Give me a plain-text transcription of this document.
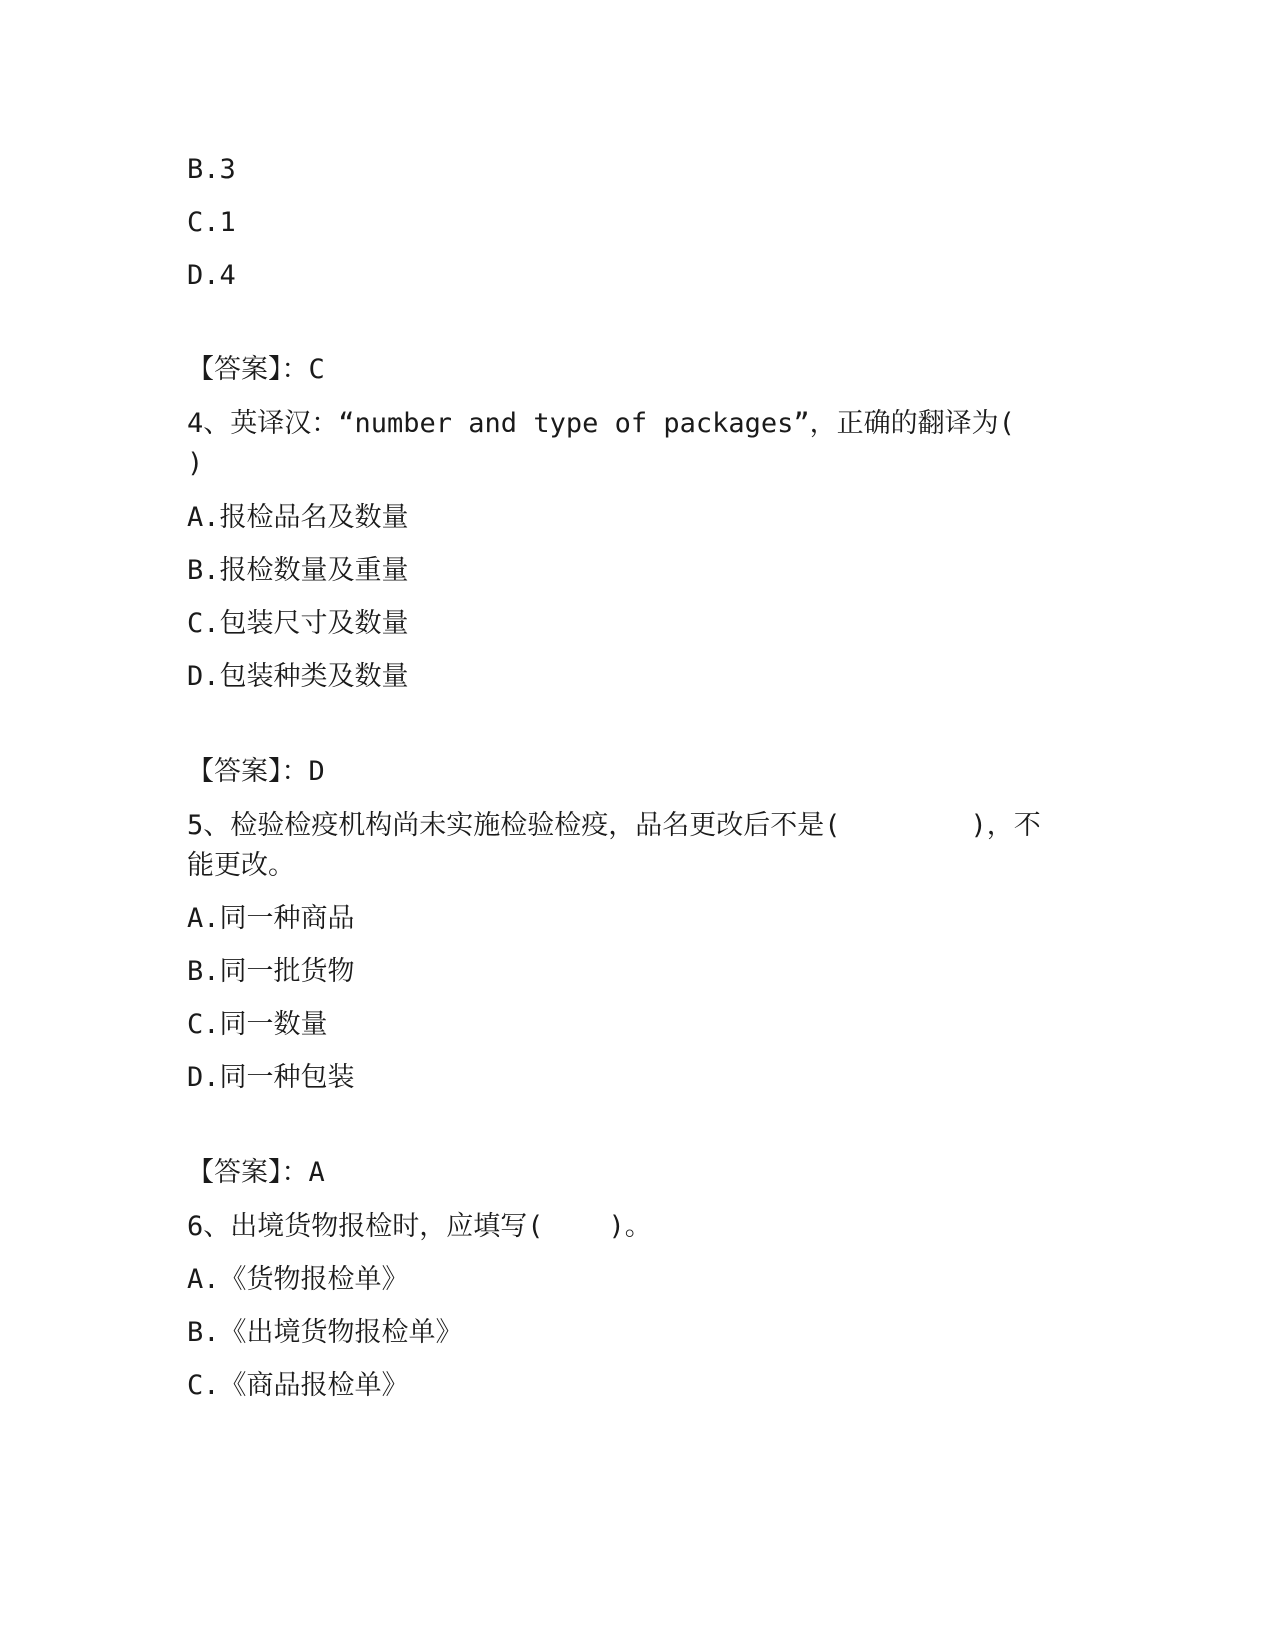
B.3
C.1
D.4
【答案】：C
4、英译汉：“number and type of packages”，正确的翻译为(
)
A.报检品名及数量
B.报检数量及重量
C.包装尺寸及数量
D.包装种类及数量
【答案】：D
5、检验检疫机构尚未实施检验检疫，品名更改后不是(        )，不
能更改。
A.同一种商品
B.同一批货物
C.同一数量
D.同一种包装
【答案】：A
6、出境货物报检时，应填写(    )。
A.《货物报检单》
B.《出境货物报检单》
C.《商品报检单》
